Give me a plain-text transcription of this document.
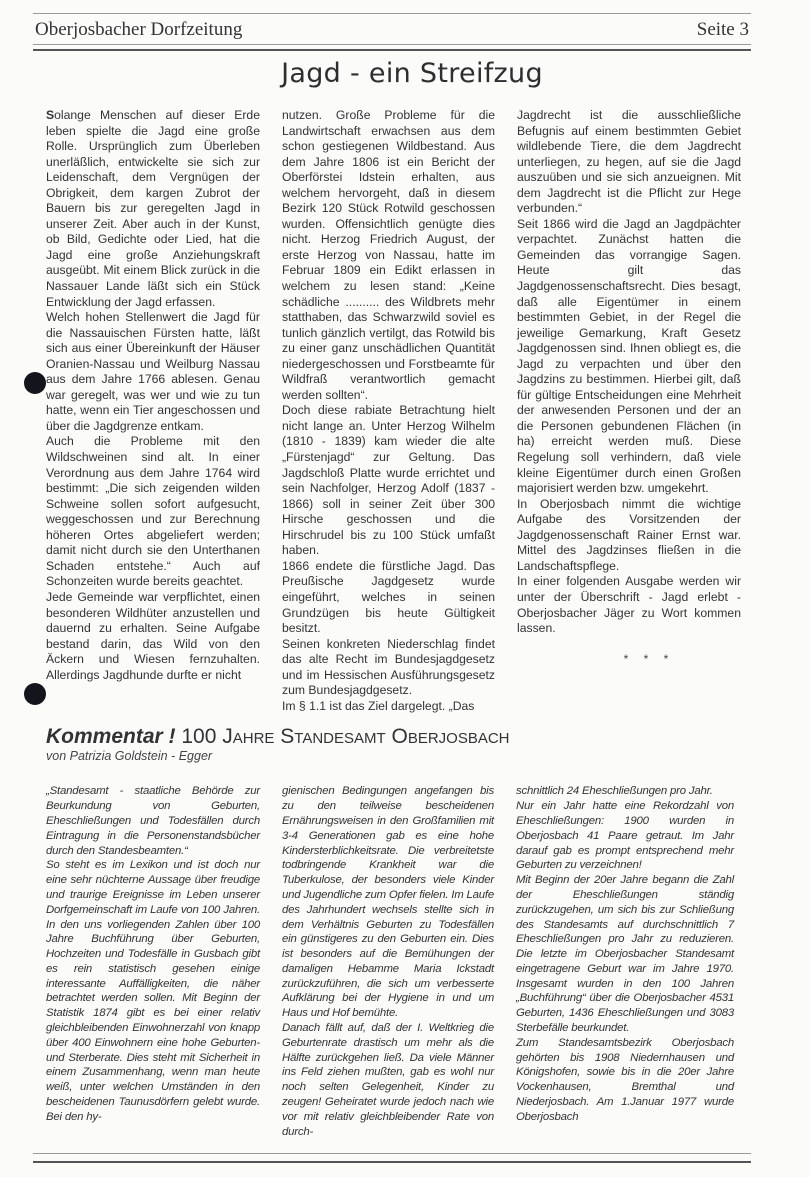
Oberjosbacher Dorfzeitung	Seite 3
Jagd - ein Streifzug

Solange Menschen auf dieser Erde leben spielte die Jagd eine große Rolle. Ursprünglich zum Überleben unerläßlich, entwickelte sie sich zur Leidenschaft, dem Vergnügen der Obrigkeit, dem kargen Zubrot der Bauern bis zur geregelten Jagd in unserer Zeit. Aber auch in der Kunst, ob Bild, Gedichte oder Lied, hat die Jagd eine große Anziehungskraft ausgeübt. Mit einem Blick zurück in die Nassauer Lande läßt sich ein Stück Entwicklung der Jagd erfassen.

Welch hohen Stellenwert die Jagd für die Nassauischen Fürsten hatte, läßt sich aus einer Übereinkunft der Häuser Oranien-Nassau und Weilburg Nassau aus dem Jahre 1766 ablesen. Genau war geregelt, was wer und wie zu tun hatte, wenn ein Tier angeschossen und über die Jagdgrenze entkam.

Auch die Probleme mit den Wildschweinen sind alt. In einer Verordnung aus dem Jahre 1764 wird bestimmt: „Die sich zeigenden wilden Schweine sollen sofort aufgesucht, weggeschossen und zur Berechnung höheren Ortes abgeliefert werden; damit nicht durch sie den Unterthanen Schaden entstehe.“ Auch auf Schonzeiten wurde bereits geachtet.

Jede Gemeinde war verpflichtet, einen besonderen Wildhüter anzustellen und dauernd zu erhalten. Seine Aufgabe bestand darin, das Wild von den Äckern und Wiesen fernzuhalten. Allerdings Jagdhunde durfte er nicht

nutzen. Große Probleme für die Landwirtschaft erwachsen aus dem schon gestiegenen Wildbestand. Aus dem Jahre 1806 ist ein Bericht der Oberförstei Idstein erhalten, aus welchem hervorgeht, daß in diesem Bezirk 120 Stück Rotwild geschossen wurden. Offensichtlich genügte dies nicht. Herzog Friedrich August, der erste Herzog von Nassau, hatte im Februar 1809 ein Edikt erlassen in welchem zu lesen stand: „Keine schädliche .......... des Wildbrets mehr statthaben, das Schwarzwild soviel es tunlich gänzlich vertilgt, das Rotwild bis zu einer ganz unschädlichen Quantität niedergeschossen und Forstbeamte für Wildfraß verantwortlich gemacht werden sollten“.

Doch diese rabiate Betrachtung hielt nicht lange an. Unter Herzog Wilhelm (1810 - 1839) kam wieder die alte „Fürstenjagd“ zur Geltung. Das Jagdschloß Platte wurde errichtet und sein Nachfolger, Herzog Adolf (1837 - 1866) soll in seiner Zeit über 300 Hirsche geschossen und die Hirschrudel bis zu 100 Stück umfaßt haben.

1866 endete die fürstliche Jagd. Das Preußische Jagdgesetz wurde eingeführt, welches in seinen Grundzügen bis heute Gültigkeit besitzt.

Seinen konkreten Niederschlag findet das alte Recht im Bundesjagdgesetz und im Hessischen Ausführungsgesetz zum Bundesjagdgesetz.

Im § 1.1 ist das Ziel dargelegt. „Das

Jagdrecht ist die ausschließliche Befugnis auf einem bestimmten Gebiet wildlebende Tiere, die dem Jagdrecht unterliegen, zu hegen, auf sie die Jagd auszuüben und sie sich anzueignen. Mit dem Jagdrecht ist die Pflicht zur Hege verbunden.“

Seit 1866 wird die Jagd an Jagdpächter verpachtet. Zunächst hatten die Gemeinden das vorrangige Sagen. Heute gilt das Jagdgenossenschaftsrecht. Dies besagt, daß alle Eigentümer in einem bestimmten Gebiet, in der Regel die jeweilige Gemarkung, Kraft Gesetz Jagdgenossen sind. Ihnen obliegt es, die Jagd zu verpachten und über den Jagdzins zu bestimmen. Hierbei gilt, daß für gültige Entscheidungen eine Mehrheit der anwesenden Personen und der an die Personen gebundenen Flächen (in ha) erreicht werden muß. Diese Regelung soll verhindern, daß viele kleine Eigentümer durch einen Großen majorisiert werden bzw. umgekehrt.

In Oberjosbach nimmt die wichtige Aufgabe des Vorsitzenden der Jagdgenossenschaft Rainer Ernst war. Mittel des Jagdzinses fließen in die Landschaftspflege.

In einer folgenden Ausgabe werden wir unter der Überschrift - Jagd erlebt - Oberjosbacher Jäger zu Wort kommen lassen.

* * *
Kommentar ! 100 Jahre Standesamt Oberjosbach
von Patrizia Goldstein - Egger

„Standesamt - staatliche Behörde zur Beurkundung von Geburten, Eheschließungen und Todesfällen durch Eintragung in die Personenstandsbücher durch den Standesbeamten.“

So steht es im Lexikon und ist doch nur eine sehr nüchterne Aussage über freudige und traurige Ereignisse im Leben unserer Dorfgemeinschaft im Laufe von 100 Jahren. In den uns vorliegenden Zahlen über 100 Jahre Buchführung über Geburten, Hochzeiten und Todesfälle in Gusbach gibt es rein statistisch gesehen einige interessante Auffälligkeiten, die näher betrachtet werden sollen. Mit Beginn der Statistik 1874 gibt es bei einer relativ gleichbleibenden Einwohnerzahl von knapp über 400 Einwohnern eine hohe Geburten- und Sterberate. Dies steht mit Sicherheit in einem Zusammenhang, wenn man heute weiß, unter welchen Umständen in den bescheidenen Taunusdörfern gelebt wurde. Bei den hy-

gienischen Bedingungen angefangen bis zu den teilweise bescheidenen Ernährungsweisen in den Großfamilien mit 3-4 Generationen gab es eine hohe Kindersterblichkeitsrate. Die verbreitetste todbringende Krankheit war die Tuberkulose, der besonders viele Kinder und Jugendliche zum Opfer fielen. Im Laufe des Jahrhundert wechsels stellte sich in dem Verhältnis Geburten zu Todesfällen ein günstigeres zu den Geburten ein. Dies ist besonders auf die Bemühungen der damaligen Hebamme Maria Ickstadt zurückzuführen, die sich um verbesserte Aufklärung bei der Hygiene in und um Haus und Hof bemühte.

Danach fällt auf, daß der I. Weltkrieg die Geburtenrate drastisch um mehr als die Hälfte zurückgehen ließ. Da viele Männer ins Feld ziehen mußten, gab es wohl nur noch selten Gelegenheit, Kinder zu zeugen! Geheiratet wurde jedoch nach wie vor mit relativ gleichbleibender Rate von durch-

schnittlich 24 Eheschließungen pro Jahr.

Nur ein Jahr hatte eine Rekordzahl von Eheschließungen: 1900 wurden in Oberjosbach 41 Paare getraut. Im Jahr darauf gab es prompt entsprechend mehr Geburten zu verzeichnen!

Mit Beginn der 20er Jahre begann die Zahl der Eheschließungen ständig zurückzugehen, um sich bis zur Schließung des Standesamts auf durchschnittlich 7 Eheschließungen pro Jahr zu reduzieren. Die letzte im Oberjosbacher Standesamt eingetragene Geburt war im Jahre 1970. Insgesamt wurden in den 100 Jahren „Buchführung“ über die Oberjosbacher 4531 Geburten, 1436 Eheschließungen und 3083 Sterbefälle beurkundet.

Zum Standesamtsbezirk Oberjosbach gehörten bis 1908 Niedernhausen und Königshofen, sowie bis in die 20er Jahre Vockenhausen, Bremthal und Niederjosbach. Am 1.Januar 1977 wurde Oberjosbach
